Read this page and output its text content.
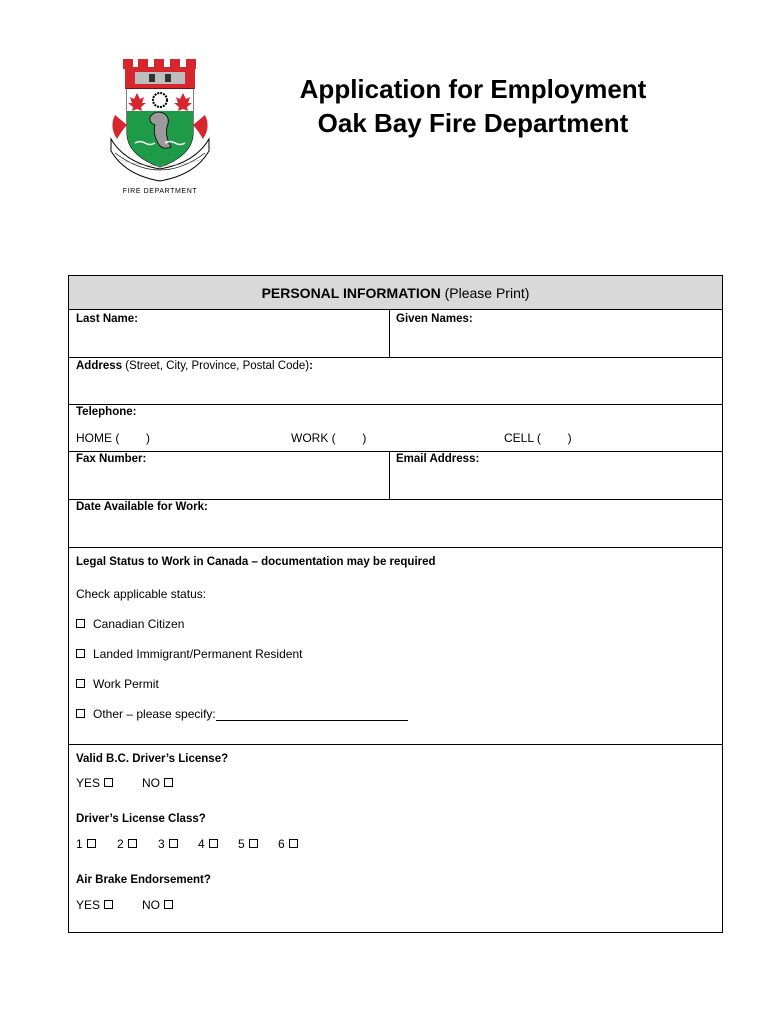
FIRE DEPARTMENT
Application for Employment
Oak Bay Fire Department
PERSONAL INFORMATION (Please Print)
Last Name:	Given Names:
Address (Street, City, Province, Postal Code):
Telephone:
HOME ( )	WORK ( )	CELL ( )
Fax Number:	Email Address:
Date Available for Work:
Legal Status to Work in Canada – documentation may be required
Check applicable status:
Canadian Citizen
Landed Immigrant/Permanent Resident
Work Permit
Other – please specify:
Valid B.C. Driver’s License?
YES	NO
Driver’s License Class?
1	2	3	4	5	6
Air Brake Endorsement?
YES	NO
